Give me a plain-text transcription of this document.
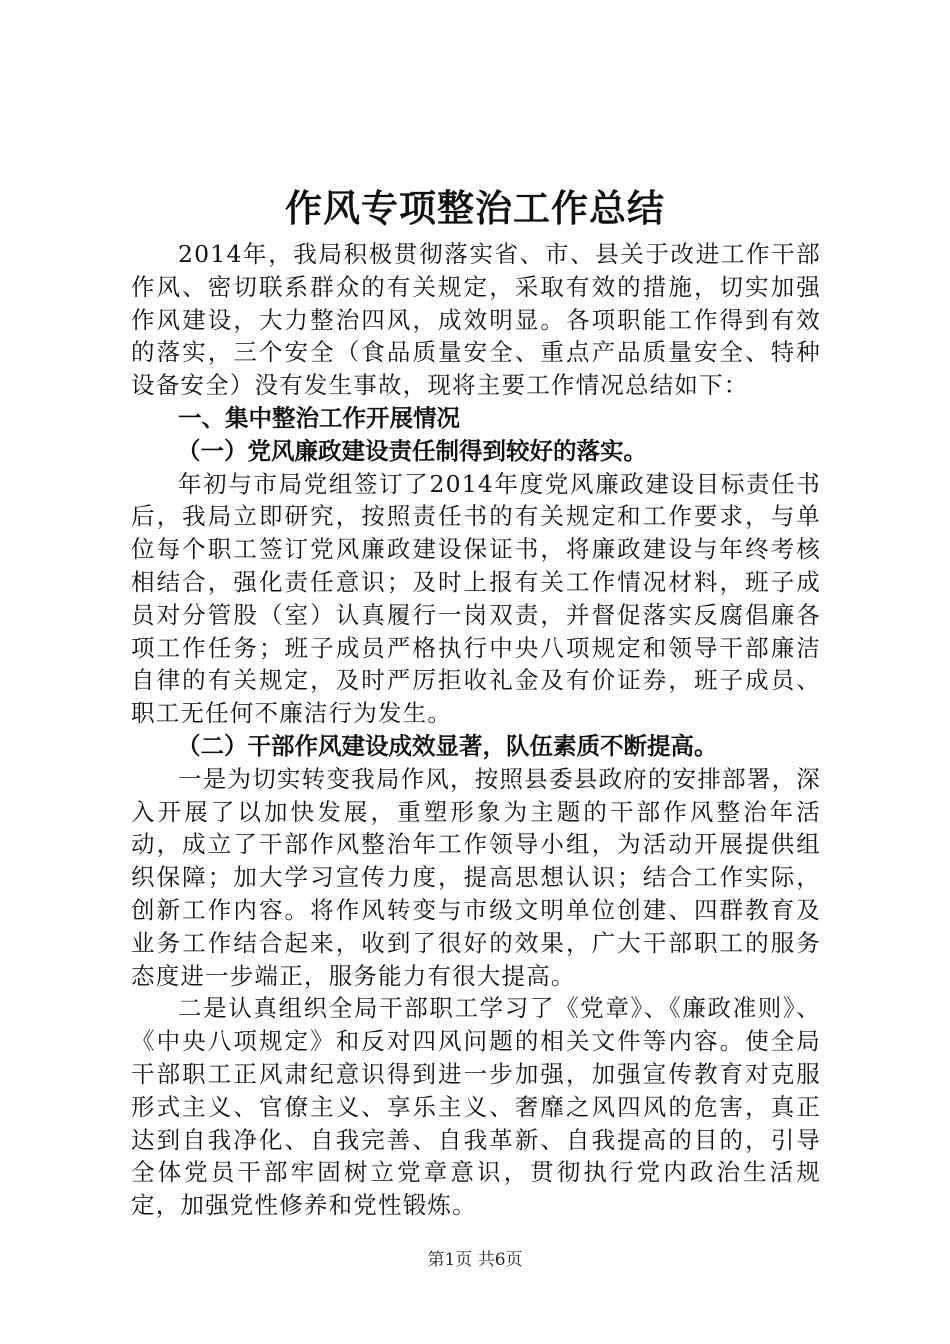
作风专项整治工作总结

2014年，我局积极贯彻落实省、市、县关于改进工作干部作风、密切联系群众的有关规定，采取有效的措施，切实加强作风建设，大力整治四风，成效明显。各项职能工作得到有效的落实，三个安全（食品质量安全、重点产品质量安全、特种设备安全）没有发生事故，现将主要工作情况总结如下：

一、集中整治工作开展情况

（一）党风廉政建设责任制得到较好的落实。

年初与市局党组签订了2014年度党风廉政建设目标责任书后，我局立即研究，按照责任书的有关规定和工作要求，与单位每个职工签订党风廉政建设保证书，将廉政建设与年终考核相结合，强化责任意识；及时上报有关工作情况材料，班子成员对分管股（室）认真履行一岗双责，并督促落实反腐倡廉各项工作任务；班子成员严格执行中央八项规定和领导干部廉洁自律的有关规定，及时严厉拒收礼金及有价证券，班子成员、职工无任何不廉洁行为发生。

（二）干部作风建设成效显著，队伍素质不断提高。

一是为切实转变我局作风，按照县委县政府的安排部署，深入开展了以加快发展，重塑形象为主题的干部作风整治年活动，成立了干部作风整治年工作领导小组，为活动开展提供组织保障；加大学习宣传力度，提高思想认识；结合工作实际，创新工作内容。将作风转变与市级文明单位创建、四群教育及业务工作结合起来，收到了很好的效果，广大干部职工的服务态度进一步端正，服务能力有很大提高。

二是认真组织全局干部职工学习了《党章》、《廉政准则》、《中央八项规定》和反对四风问题的相关文件等内容。使全局干部职工正风肃纪意识得到进一步加强，加强宣传教育对克服形式主义、官僚主义、享乐主义、奢靡之风四风的危害，真正达到自我净化、自我完善、自我革新、自我提高的目的，引导全体党员干部牢固树立党章意识，贯彻执行党内政治生活规定，加强党性修养和党性锻炼。

第1页 共6页
